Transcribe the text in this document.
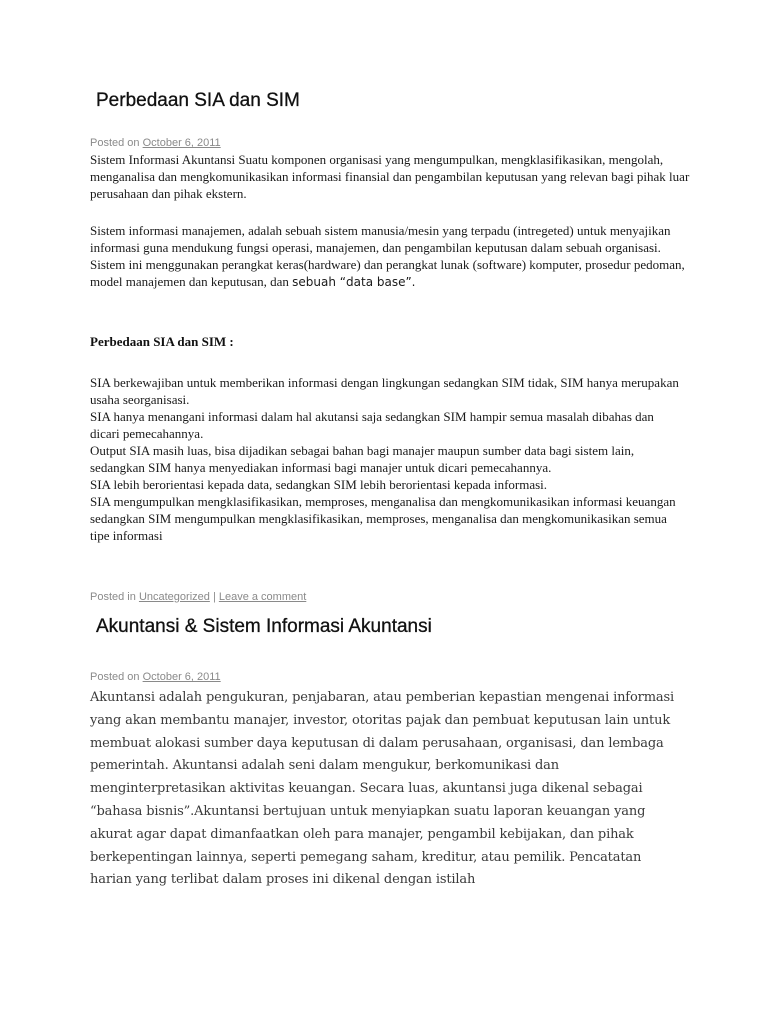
Perbedaan SIA dan SIM

Posted on October 6, 2011

Sistem Informasi Akuntansi Suatu komponen organisasi yang mengumpulkan, mengklasifikasikan, mengolah, menganalisa dan mengkomunikasikan informasi finansial dan pengambilan keputusan yang relevan bagi pihak luar perusahaan dan pihak ekstern.

Sistem informasi manajemen, adalah sebuah sistem manusia/mesin yang terpadu (intregeted) untuk menyajikan informasi guna mendukung fungsi operasi, manajemen, dan pengambilan keputusan dalam sebuah organisasi. Sistem ini menggunakan perangkat keras(hardware) dan perangkat lunak (software) komputer, prosedur pedoman, model manajemen dan keputusan, dan sebuah “data base”.

Perbedaan SIA dan SIM :

SIA berkewajiban untuk memberikan informasi dengan lingkungan sedangkan SIM tidak, SIM hanya merupakan usaha seorganisasi.

SIA hanya menangani informasi dalam hal akutansi saja sedangkan SIM hampir semua masalah dibahas dan dicari pemecahannya.

Output SIA masih luas, bisa dijadikan sebagai bahan bagi manajer maupun sumber data bagi sistem lain, sedangkan SIM hanya menyediakan informasi bagi manajer untuk dicari pemecahannya.

SIA lebih berorientasi kepada data, sedangkan SIM lebih berorientasi kepada informasi.

SIA mengumpulkan mengklasifikasikan, memproses, menganalisa dan mengkomunikasikan informasi keuangan sedangkan SIM mengumpulkan mengklasifikasikan, memproses, menganalisa dan mengkomunikasikan semua tipe informasi

Posted in Uncategorized | Leave a comment

Akuntansi & Sistem Informasi Akuntansi

Posted on October 6, 2011

Akuntansi adalah pengukuran, penjabaran, atau pemberian kepastian mengenai informasi yang akan membantu manajer, investor, otoritas pajak dan pembuat keputusan lain untuk membuat alokasi sumber daya keputusan di dalam perusahaan, organisasi, dan lembaga pemerintah. Akuntansi adalah seni dalam mengukur, berkomunikasi dan menginterpretasikan aktivitas keuangan. Secara luas, akuntansi juga dikenal sebagai “bahasa bisnis”.Akuntansi bertujuan untuk menyiapkan suatu laporan keuangan yang akurat agar dapat dimanfaatkan oleh para manajer, pengambil kebijakan, dan pihak berkepentingan lainnya, seperti pemegang saham, kreditur, atau pemilik. Pencatatan harian yang terlibat dalam proses ini dikenal dengan istilah
